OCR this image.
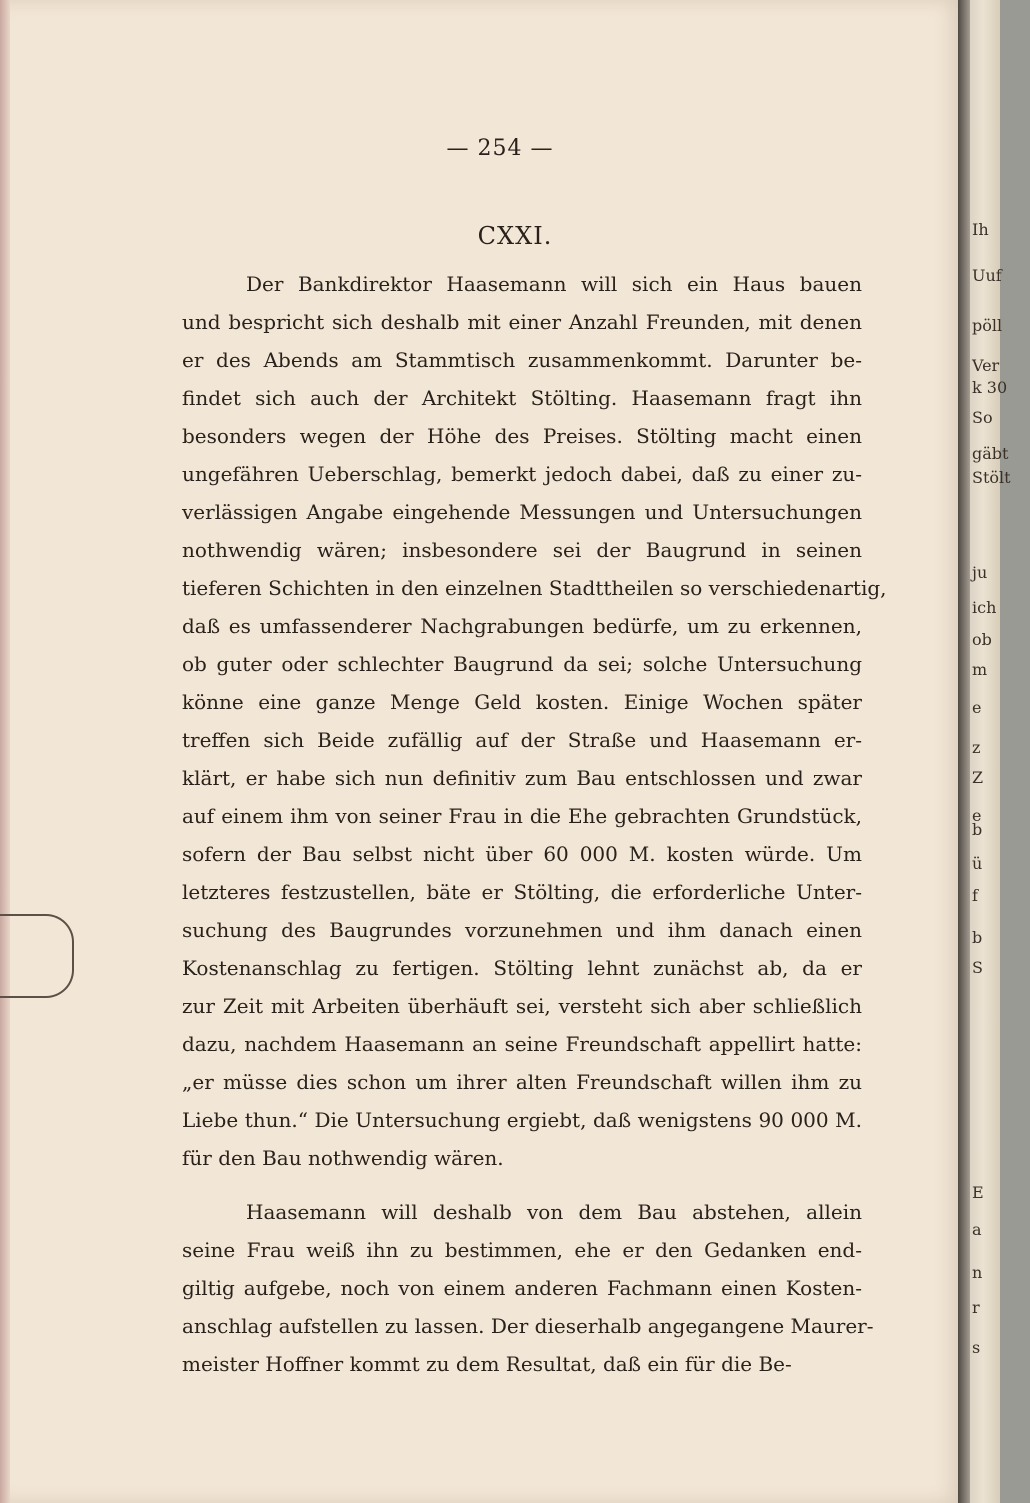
Ih
Uuf
pöll
Ver
k 30
So
gäbt
Stölt
ju
ich
ob
m
e
z
Z
e
b
ü
f
b
S
E
a
n
r
s
— 254 —
CXXI.
Der Bankdirektor Haasemann will sich ein Haus bauen
und bespricht sich deshalb mit einer Anzahl Freunden, mit denen
er des Abends am Stammtisch zusammenkommt. Darunter be-
findet sich auch der Architekt Stölting. Haasemann fragt ihn
besonders wegen der Höhe des Preises. Stölting macht einen
ungefähren Ueberschlag, bemerkt jedoch dabei, daß zu einer zu-
verlässigen Angabe eingehende Messungen und Untersuchungen
nothwendig wären; insbesondere sei der Baugrund in seinen
tieferen Schichten in den einzelnen Stadttheilen so verschiedenartig,
daß es umfassenderer Nachgrabungen bedürfe, um zu erkennen,
ob guter oder schlechter Baugrund da sei; solche Untersuchung
könne eine ganze Menge Geld kosten. Einige Wochen später
treffen sich Beide zufällig auf der Straße und Haasemann er-
klärt, er habe sich nun definitiv zum Bau entschlossen und zwar
auf einem ihm von seiner Frau in die Ehe gebrachten Grundstück,
sofern der Bau selbst nicht über 60 000 M. kosten würde. Um
letzteres festzustellen, bäte er Stölting, die erforderliche Unter-
suchung des Baugrundes vorzunehmen und ihm danach einen
Kostenanschlag zu fertigen. Stölting lehnt zunächst ab, da er
zur Zeit mit Arbeiten überhäuft sei, versteht sich aber schließlich
dazu, nachdem Haasemann an seine Freundschaft appellirt hatte:
„er müsse dies schon um ihrer alten Freundschaft willen ihm zu
Liebe thun.“ Die Untersuchung ergiebt, daß wenigstens 90 000 M.
für den Bau nothwendig wären.
Haasemann will deshalb von dem Bau abstehen, allein
seine Frau weiß ihn zu bestimmen, ehe er den Gedanken end-
giltig aufgebe, noch von einem anderen Fachmann einen Kosten-
anschlag aufstellen zu lassen. Der dieserhalb angegangene Maurer-
meister Hoffner kommt zu dem Resultat, daß ein für die Be-
